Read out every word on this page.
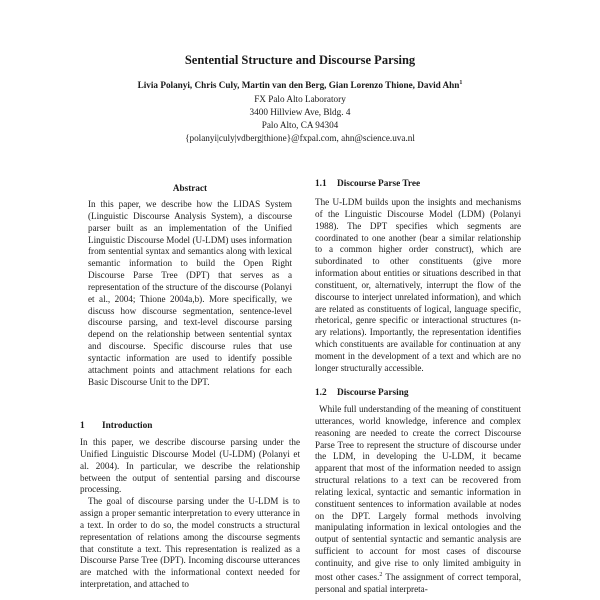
Sentential Structure and Discourse Parsing
Livia Polanyi, Chris Culy, Martin van den Berg, Gian Lorenzo Thione, David Ahn$^1$
FX Palo Alto Laboratory
3400 Hillview Ave, Bldg. 4
Palo Alto, CA 94304
{polanyi|culy|vdberg|thione}@fxpal.com, ahn@science.uva.nl
Abstract
In this paper, we describe how the LIDAS System (Linguistic Discourse Analysis System), a discourse parser built as an implementation of the Unified Linguistic Discourse Model (U-LDM) uses information from sentential syntax and semantics along with lexical semantic information to build the Open Right Discourse Parse Tree (DPT) that serves as a representation of the structure of the discourse (Polanyi et al., 2004; Thione 2004a,b). More specifically, we discuss how discourse segmentation, sentence-level discourse parsing, and text-level discourse parsing depend on the relationship between sentential syntax and discourse. Specific discourse rules that use syntactic information are used to identify possible attachment points and attachment relations for each Basic Discourse Unit to the DPT.
1 Introduction

In this paper, we describe discourse parsing under the Unified Linguistic Discourse Model (U-LDM) (Polanyi et al. 2004). In particular, we describe the relationship between the output of sentential parsing and discourse processing.

The goal of discourse parsing under the U-LDM is to assign a proper semantic interpretation to every utterance in a text. In order to do so, the model constructs a structural representation of relations among the discourse segments that constitute a text. This representation is realized as a Discourse Parse Tree (DPT). Incoming discourse utterances are matched with the informational context needed for interpretation, and attached to

1.1 Discourse Parse Tree
The U-LDM builds upon the insights and mechanisms of the Linguistic Discourse Model (LDM) (Polanyi 1988). The DPT specifies which segments are coordinated to one another (bear a similar relationship to a common higher order construct), which are subordinated to other constituents (give more information about entities or situations described in that constituent, or, alternatively, interrupt the flow of the discourse to interject unrelated information), and which are related as constituents of logical, language specific, rhetorical, genre specific or interactional structures (n-ary relations). Importantly, the representation identifies which constituents are available for continuation at any moment in the development of a text and which are no longer structurally accessible.
1.2 Discourse Parsing

While full understanding of the meaning of constituent utterances, world knowledge, inference and complex reasoning are needed to create the correct Discourse Parse Tree to represent the structure of discourse under the LDM, in developing the U-LDM, it became apparent that most of the information needed to assign structural relations to a text can be recovered from relating lexical, syntactic and semantic information in constituent sentences to information available at nodes on the DPT. Largely formal methods involving manipulating information in lexical ontologies and the output of sentential syntactic and semantic analysis are sufficient to account for most cases of discourse continuity, and give rise to only limited ambiguity in most other cases.$^2$ The assignment of correct temporal, personal and spatial interpreta-
